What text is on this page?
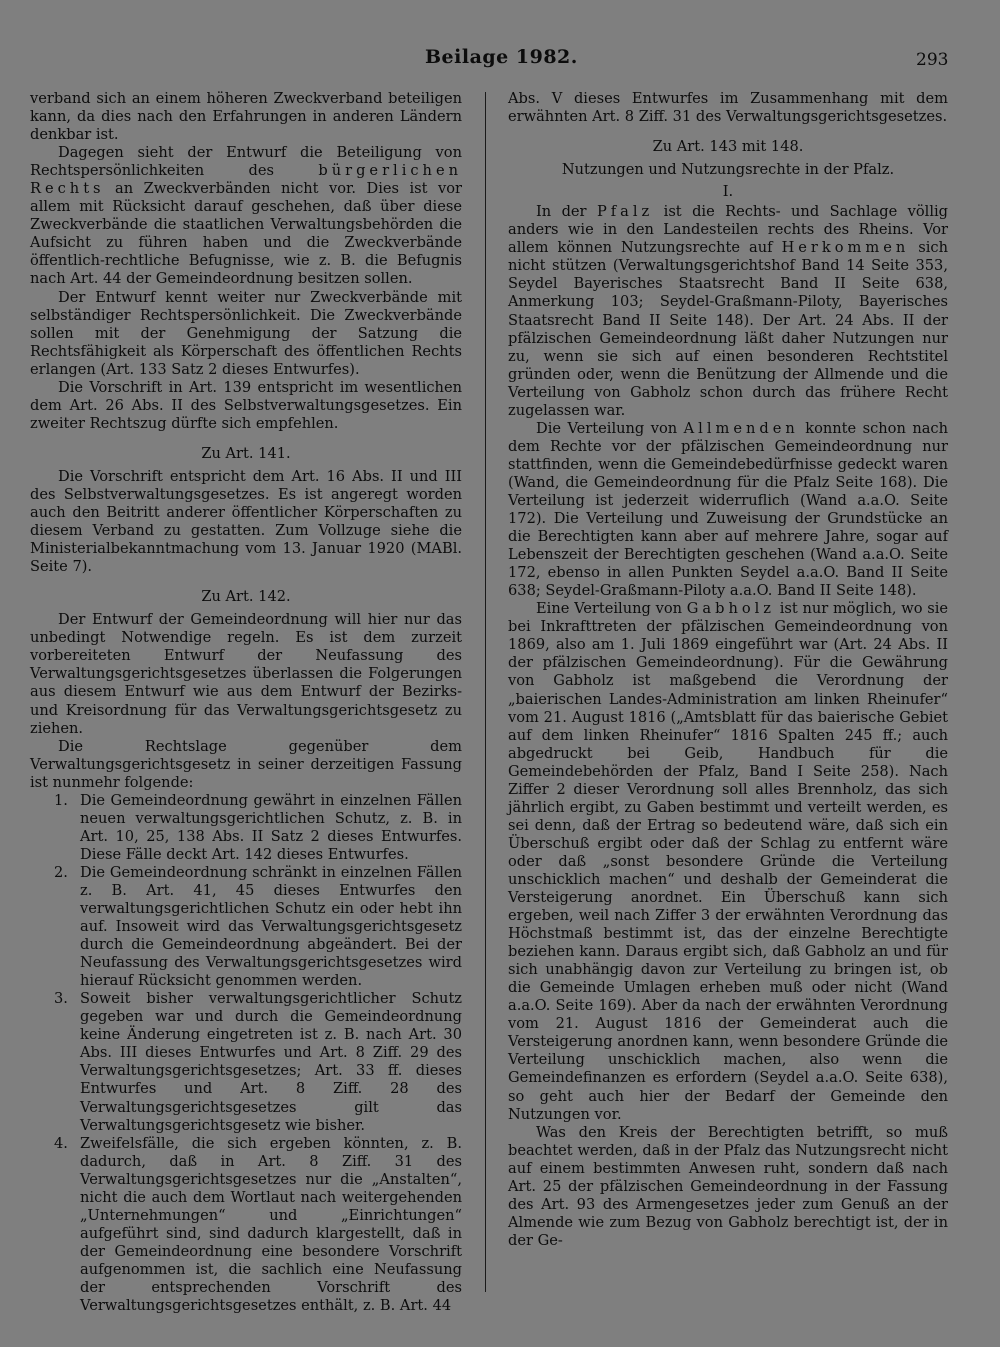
Beilage 1982.	293

verband sich an einem höheren Zweckverband beteiligen kann, da dies nach den Erfahrungen in anderen Ländern denkbar ist.

Dagegen sieht der Entwurf die Beteiligung von Rechtspersönlichkeiten des bürgerlichen Rechts an Zweckverbänden nicht vor. Dies ist vor allem mit Rücksicht darauf geschehen, daß über diese Zweckverbände die staatlichen Verwaltungsbehörden die Aufsicht zu führen haben und die Zweckverbände öffentlich-rechtliche Befugnisse, wie z. B. die Befugnis nach Art. 44 der Gemeindeordnung besitzen sollen.

Der Entwurf kennt weiter nur Zweckverbände mit selbständiger Rechtspersönlichkeit. Die Zweckverbände sollen mit der Genehmigung der Satzung die Rechtsfähigkeit als Körperschaft des öffentlichen Rechts erlangen (Art. 133 Satz 2 dieses Entwurfes).

Die Vorschrift in Art. 139 entspricht im wesentlichen dem Art. 26 Abs. II des Selbstverwaltungsgesetzes. Ein zweiter Rechtszug dürfte sich empfehlen.

Zu Art. 141.

Die Vorschrift entspricht dem Art. 16 Abs. II und III des Selbstverwaltungsgesetzes. Es ist angeregt worden auch den Beitritt anderer öffentlicher Körperschaften zu diesem Verband zu gestatten. Zum Vollzuge siehe die Ministerialbekanntmachung vom 13. Januar 1920 (MABl. Seite 7).

Zu Art. 142.

Der Entwurf der Gemeindeordnung will hier nur das unbedingt Notwendige regeln. Es ist dem zurzeit vorbereiteten Entwurf der Neufassung des Verwaltungsgerichtsgesetzes überlassen die Folgerungen aus diesem Entwurf wie aus dem Entwurf der Bezirks- und Kreisordnung für das Verwaltungsgerichtsgesetz zu ziehen.

Die Rechtslage gegenüber dem Verwaltungsgerichtsgesetz in seiner derzeitigen Fassung ist nunmehr folgende:

1. Die Gemeindeordnung gewährt in einzelnen Fällen neuen verwaltungsgerichtlichen Schutz, z. B. in Art. 10, 25, 138 Abs. II Satz 2 dieses Entwurfes. Diese Fälle deckt Art. 142 dieses Entwurfes.
2. Die Gemeindeordnung schränkt in einzelnen Fällen z. B. Art. 41, 45 dieses Entwurfes den verwaltungsgerichtlichen Schutz ein oder hebt ihn auf. Insoweit wird das Verwaltungsgerichtsgesetz durch die Gemeindeordnung abgeändert. Bei der Neufassung des Verwaltungsgerichtsgesetzes wird hierauf Rücksicht genommen werden.
3. Soweit bisher verwaltungsgerichtlicher Schutz gegeben war und durch die Gemeindeordnung keine Änderung eingetreten ist z. B. nach Art. 30 Abs. III dieses Entwurfes und Art. 8 Ziff. 29 des Verwaltungsgerichtsgesetzes; Art. 33 ff. dieses Entwurfes und Art. 8 Ziff. 28 des Verwaltungsgerichtsgesetzes gilt das Verwaltungsgerichtsgesetz wie bisher.
4. Zweifelsfälle, die sich ergeben könnten, z. B. dadurch, daß in Art. 8 Ziff. 31 des Verwaltungsgerichtsgesetzes nur die „Anstalten“, nicht die auch dem Wortlaut nach weitergehenden „Unternehmungen“ und „Einrichtungen“ aufgeführt sind, sind dadurch klargestellt, daß in der Gemeindeordnung eine besondere Vorschrift aufgenommen ist, die sachlich eine Neufassung der entsprechenden Vorschrift des Verwaltungsgerichtsgesetzes enthält, z. B. Art. 44

Abs. V dieses Entwurfes im Zusammenhang mit dem erwähnten Art. 8 Ziff. 31 des Verwaltungsgerichtsgesetzes.

Zu Art. 143 mit 148.
Nutzungen und Nutzungsrechte in der Pfalz.
I.

In der Pfalz ist die Rechts- und Sachlage völlig anders wie in den Landesteilen rechts des Rheins. Vor allem können Nutzungsrechte auf Herkommen sich nicht stützen (Verwaltungsgerichtshof Band 14 Seite 353, Seydel Bayerisches Staatsrecht Band II Seite 638, Anmerkung 103; Seydel-Graßmann-Piloty, Bayerisches Staatsrecht Band II Seite 148). Der Art. 24 Abs. II der pfälzischen Gemeindeordnung läßt daher Nutzungen nur zu, wenn sie sich auf einen besonderen Rechtstitel gründen oder, wenn die Benützung der Allmende und die Verteilung von Gabholz schon durch das frühere Recht zugelassen war.

Die Verteilung von Allmenden konnte schon nach dem Rechte vor der pfälzischen Gemeindeordnung nur stattfinden, wenn die Gemeindebedürfnisse gedeckt waren (Wand, die Gemeindeordnung für die Pfalz Seite 168). Die Verteilung ist jederzeit widerruflich (Wand a.a.O. Seite 172). Die Verteilung und Zuweisung der Grundstücke an die Berechtigten kann aber auf mehrere Jahre, sogar auf Lebenszeit der Berechtigten geschehen (Wand a.a.O. Seite 172, ebenso in allen Punkten Seydel a.a.O. Band II Seite 638; Seydel-Graßmann-Piloty a.a.O. Band II Seite 148).

Eine Verteilung von Gabholz ist nur möglich, wo sie bei Inkrafttreten der pfälzischen Gemeindeordnung von 1869, also am 1. Juli 1869 eingeführt war (Art. 24 Abs. II der pfälzischen Gemeindeordnung). Für die Gewährung von Gabholz ist maßgebend die Verordnung der „baierischen Landes-Administration am linken Rheinufer“ vom 21. August 1816 („Amtsblatt für das baierische Gebiet auf dem linken Rheinufer“ 1816 Spalten 245 ff.; auch abgedruckt bei Geib, Handbuch für die Gemeindebehörden der Pfalz, Band I Seite 258). Nach Ziffer 2 dieser Verordnung soll alles Brennholz, das sich jährlich ergibt, zu Gaben bestimmt und verteilt werden, es sei denn, daß der Ertrag so bedeutend wäre, daß sich ein Überschuß ergibt oder daß der Schlag zu entfernt wäre oder daß „sonst besondere Gründe die Verteilung unschicklich machen“ und deshalb der Gemeinderat die Versteigerung anordnet. Ein Überschuß kann sich ergeben, weil nach Ziffer 3 der erwähnten Verordnung das Höchstmaß bestimmt ist, das der einzelne Berechtigte beziehen kann. Daraus ergibt sich, daß Gabholz an und für sich unabhängig davon zur Verteilung zu bringen ist, ob die Gemeinde Umlagen erheben muß oder nicht (Wand a.a.O. Seite 169). Aber da nach der erwähnten Verordnung vom 21. August 1816 der Gemeinderat auch die Versteigerung anordnen kann, wenn besondere Gründe die Verteilung unschicklich machen, also wenn die Gemeindefinanzen es erfordern (Seydel a.a.O. Seite 638), so geht auch hier der Bedarf der Gemeinde den Nutzungen vor.

Was den Kreis der Berechtigten betrifft, so muß beachtet werden, daß in der Pfalz das Nutzungsrecht nicht auf einem bestimmten Anwesen ruht, sondern daß nach Art. 25 der pfälzischen Gemeindeordnung in der Fassung des Art. 93 des Armengesetzes jeder zum Genuß an der Almende wie zum Bezug von Gabholz berechtigt ist, der in der Ge-
